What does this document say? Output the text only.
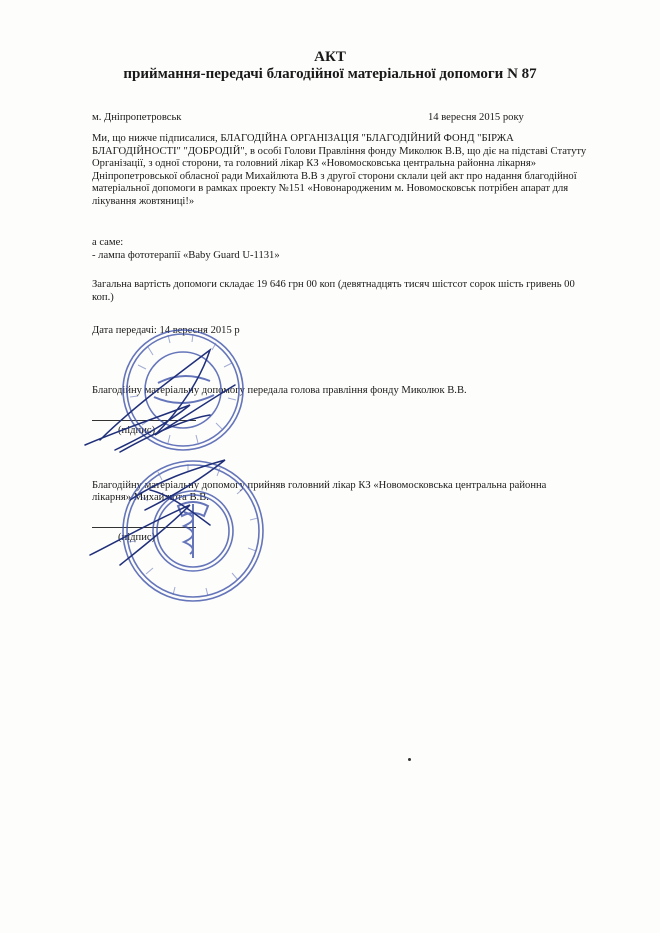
АКТ
приймання-передачі благодійної матеріальної допомоги N 87
м. Дніпропетровськ	14 вересня 2015 року
Ми, що нижче підписалися, БЛАГОДІЙНА ОРГАНІЗАЦІЯ "БЛАГОДІЙНИЙ ФОНД "БІРЖА
БЛАГОДІЙНОСТІ" "ДОБРОДІЙ", в особі Голови Правління фонду Миколюк В.В, що діє на підставі Статуту
Організації, з одної сторони, та головний лікар КЗ «Новомосковська центральна районна лікарня»
Дніпропетровської обласної ради Михайлюта В.В з другої сторони склали цей акт про надання благодійної
матеріальної допомоги в рамках проекту №151 «Новонародженим м. Новомосковськ потрібен апарат для
лікування жовтяниці!»
а саме:
- лампа фототерапії «Baby Guard U-1131»
Загальна вартість допомоги складає 19 646 грн 00 коп (девятнадцять тисяч шістсот сорок шість гривень 00
коп.)
Дата передачі: 14 вересня 2015 р
Благодійну матеріальну допомогу передала голова правління фонду Миколюк В.В.
(підпис)
Благодійну матеріальну допомогу прийняв головний лікар КЗ «Новомосковська центральна районна
лікарня» Михайлюта В.В.
(підпис)
